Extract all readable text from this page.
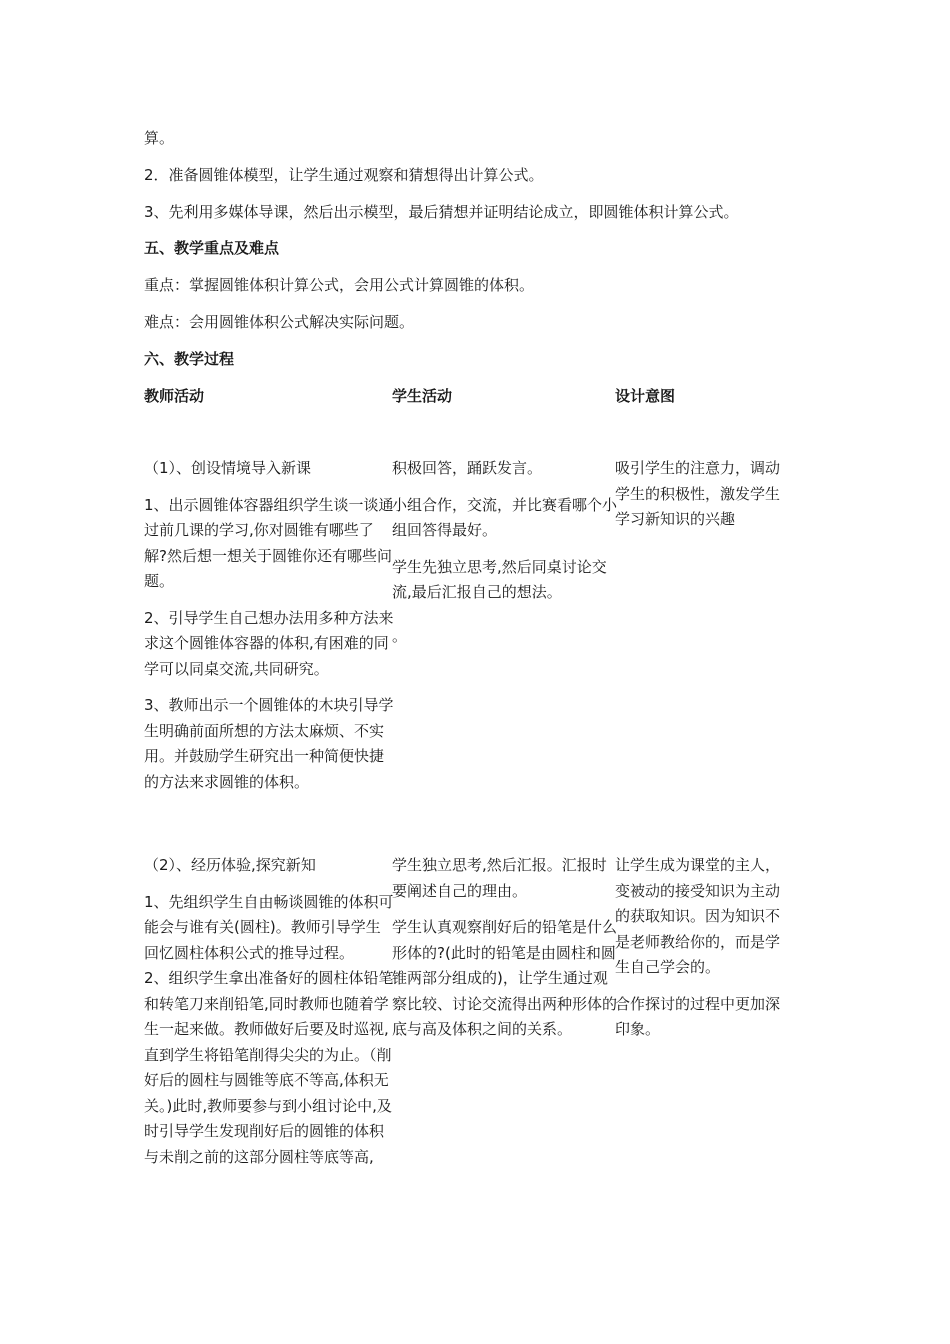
算。
2．准备圆锥体模型，让学生通过观察和猜想得出计算公式。
3、先利用多媒体导课，然后出示模型，最后猜想并证明结论成立，即圆锥体积计算公式。
五、教学重点及难点
重点：掌握圆锥体积计算公式，会用公式计算圆锥的体积。
难点：会用圆锥体积公式解决实际问题。
六、教学过程
教师活动	学生活动	设计意图

（1）、创设情境导入新课

1、出示圆锥体容器组织学生谈一谈通过前几课的学习,你对圆锥有哪些了解?然后想一想关于圆锥你还有哪些问题。

2、引导学生自己想办法用多种方法来求这个圆锥体容器的体积,有困难的同学可以同桌交流,共同研究。

3、教师出示一个圆锥体的木块引导学生明确前面所想的方法太麻烦、不实用。并鼓励学生研究出一种简便快捷的方法来求圆锥的体积。

积极回答，踊跃发言。

小组合作，交流，并比赛看哪个小组回答得最好。

学生先独立思考,然后同桌讨论交流,最后汇报自己的想法。

。

吸引学生的注意力，调动学生的积极性，激发学生学习新知识的兴趣

（2）、经历体验,探究新知

1、先组织学生自由畅谈圆锥的体积可能会与谁有关(圆柱)。教师引导学生回忆圆柱体积公式的推导过程。

2、组织学生拿出准备好的圆柱体铅笔和转笔刀来削铅笔,同时教师也随着学生一起来做。教师做好后要及时巡视,直到学生将铅笔削得尖尖的为止。（削好后的圆柱与圆锥等底不等高,体积无关。)此时,教师要参与到小组讨论中,及时引导学生发现削好后的圆锥的体积与未削之前的这部分圆柱等底等高,

学生独立思考,然后汇报。汇报时要阐述自己的理由。

学生认真观察削好后的铅笔是什么形体的?(此时的铅笔是由圆柱和圆锥两部分组成的)，让学生通过观察比较、讨论交流得出两种形体的底与高及体积之间的关系。

让学生成为课堂的主人，变被动的接受知识为主动的获取知识。因为知识不是老师教给你的，而是学生自己学会的。

合作探讨的过程中更加深印象。
